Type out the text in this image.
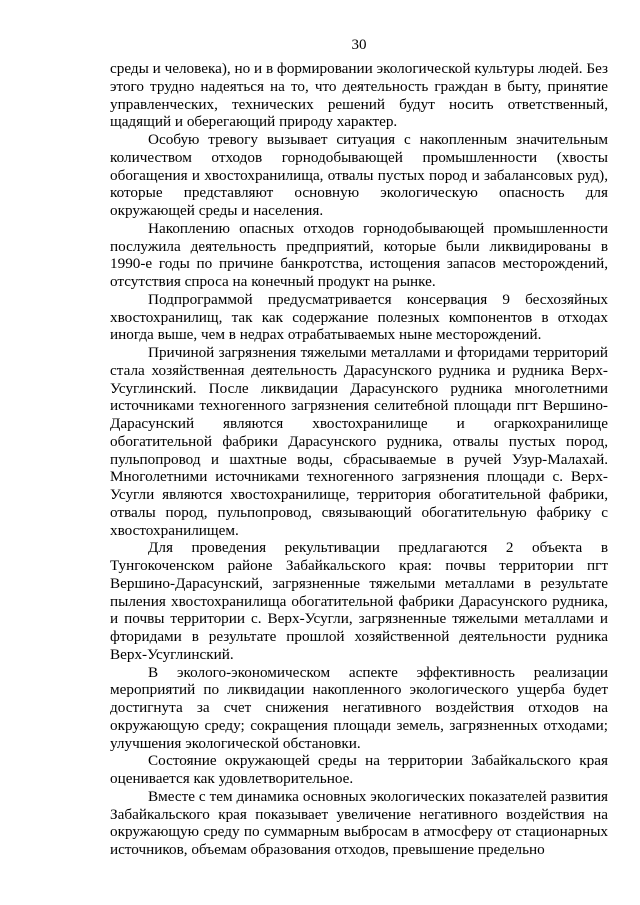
30

среды и человека), но и в формировании экологической культуры людей. Без этого трудно надеяться на то, что деятельность граждан в быту, принятие управленческих, технических решений будут носить ответственный, щадящий и оберегающий природу характер.

Особую тревогу вызывает ситуация с накопленным значительным количеством отходов горнодобывающей промышленности (хвосты обогащения и хвостохранилища, отвалы пустых пород и забалансовых руд), которые представляют основную экологическую опасность для окружающей среды и населения.

Накоплению опасных отходов горнодобывающей промышленности послужила деятельность предприятий, которые были ликвидированы в 1990-е годы по причине банкротства, истощения запасов месторождений, отсутствия спроса на конечный продукт на рынке.

Подпрограммой предусматривается консервация 9 бесхозяйных хвостохранилищ, так как содержание полезных компонентов в отходах иногда выше, чем в недрах отрабатываемых ныне месторождений.

Причиной загрязнения тяжелыми металлами и фторидами территорий стала хозяйственная деятельность Дарасунского рудника и рудника Верх-Усуглинский. После ликвидации Дарасунского рудника многолетними источниками техногенного загрязнения селитебной площади пгт Вершино-Дарасунский являются хвостохранилище и огаркохранилище обогатительной фабрики Дарасунского рудника, отвалы пустых пород, пульпопровод и шахтные воды, сбрасываемые в ручей Узур-Малахай. Многолетними источниками техногенного загрязнения площади с. Верх-Усугли являются хвостохранилище, территория обогатительной фабрики, отвалы пород, пульпопровод, связывающий обогатительную фабрику с хвостохранилищем.

Для проведения рекультивации предлагаются 2 объекта в Тунгокоченском районе Забайкальского края: почвы территории пгт Вершино-Дарасунский, загрязненные тяжелыми металлами в результате пыления хвостохранилища обогатительной фабрики Дарасунского рудника, и почвы территории с. Верх-Усугли, загрязненные тяжелыми металлами и фторидами в результате прошлой хозяйственной деятельности рудника Верх-Усуглинский.

В эколого-экономическом аспекте эффективность реализации мероприятий по ликвидации накопленного экологического ущерба будет достигнута за счет снижения негативного воздействия отходов на окружающую среду; сокращения площади земель, загрязненных отходами; улучшения экологической обстановки.

Состояние окружающей среды на территории Забайкальского края оценивается как удовлетворительное.

Вместе с тем динамика основных экологических показателей развития Забайкальского края показывает увеличение негативного воздействия на окружающую среду по суммарным выбросам в атмосферу от стационарных источников, объемам образования отходов, превышение предельно
